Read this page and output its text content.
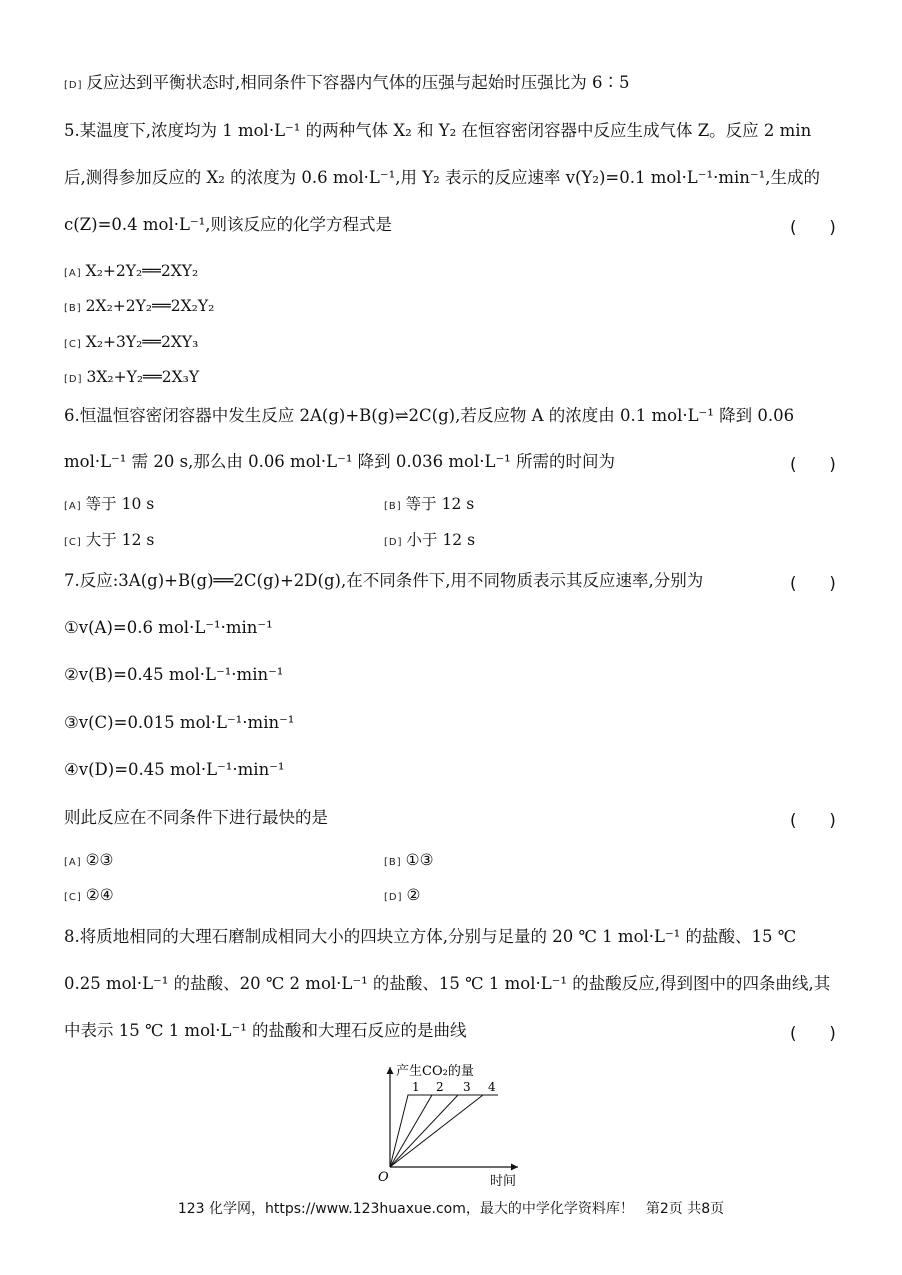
[D] 反应达到平衡状态时,相同条件下容器内气体的压强与起始时压强比为 6∶5
5.某温度下,浓度均为 1 mol·L⁻¹ 的两种气体 X₂ 和 Y₂ 在恒容密闭容器中反应生成气体 Z。反应 2 min
后,测得参加反应的 X₂ 的浓度为 0.6 mol·L⁻¹,用 Y₂ 表示的反应速率 v(Y₂)=0.1 mol·L⁻¹·min⁻¹,生成的
c(Z)=0.4 mol·L⁻¹,则该反应的化学方程式是	(　　)
[A] X₂+2Y₂══2XY₂
[B] 2X₂+2Y₂══2X₂Y₂
[C] X₂+3Y₂══2XY₃
[D] 3X₂+Y₂══2X₃Y
6.恒温恒容密闭容器中发生反应 2A(g)+B(g)⇌2C(g),若反应物 A 的浓度由 0.1 mol·L⁻¹ 降到 0.06
mol·L⁻¹ 需 20 s,那么由 0.06 mol·L⁻¹ 降到 0.036 mol·L⁻¹ 所需的时间为	(　　)
[A] 等于 10 s	[B] 等于 12 s
[C] 大于 12 s	[D] 小于 12 s
7.反应:3A(g)+B(g)══2C(g)+2D(g),在不同条件下,用不同物质表示其反应速率,分别为	(　　)
①v(A)=0.6 mol·L⁻¹·min⁻¹
②v(B)=0.45 mol·L⁻¹·min⁻¹
③v(C)=0.015 mol·L⁻¹·min⁻¹
④v(D)=0.45 mol·L⁻¹·min⁻¹
则此反应在不同条件下进行最快的是	(　　)
[A] ②③	[B] ①③
[C] ②④	[D] ②
8.将质地相同的大理石磨制成相同大小的四块立方体,分别与足量的 20 ℃ 1 mol·L⁻¹ 的盐酸、15 ℃
0.25 mol·L⁻¹ 的盐酸、20 ℃ 2 mol·L⁻¹ 的盐酸、15 ℃ 1 mol·L⁻¹ 的盐酸反应,得到图中的四条曲线,其
中表示 15 ℃ 1 mol·L⁻¹ 的盐酸和大理石反应的是曲线	(　　)
产生CO₂的量
时间
O
1 2 3 4
123 化学网，https://www.123huaxue.com，最大的中学化学资料库！ 第2页 共8页
